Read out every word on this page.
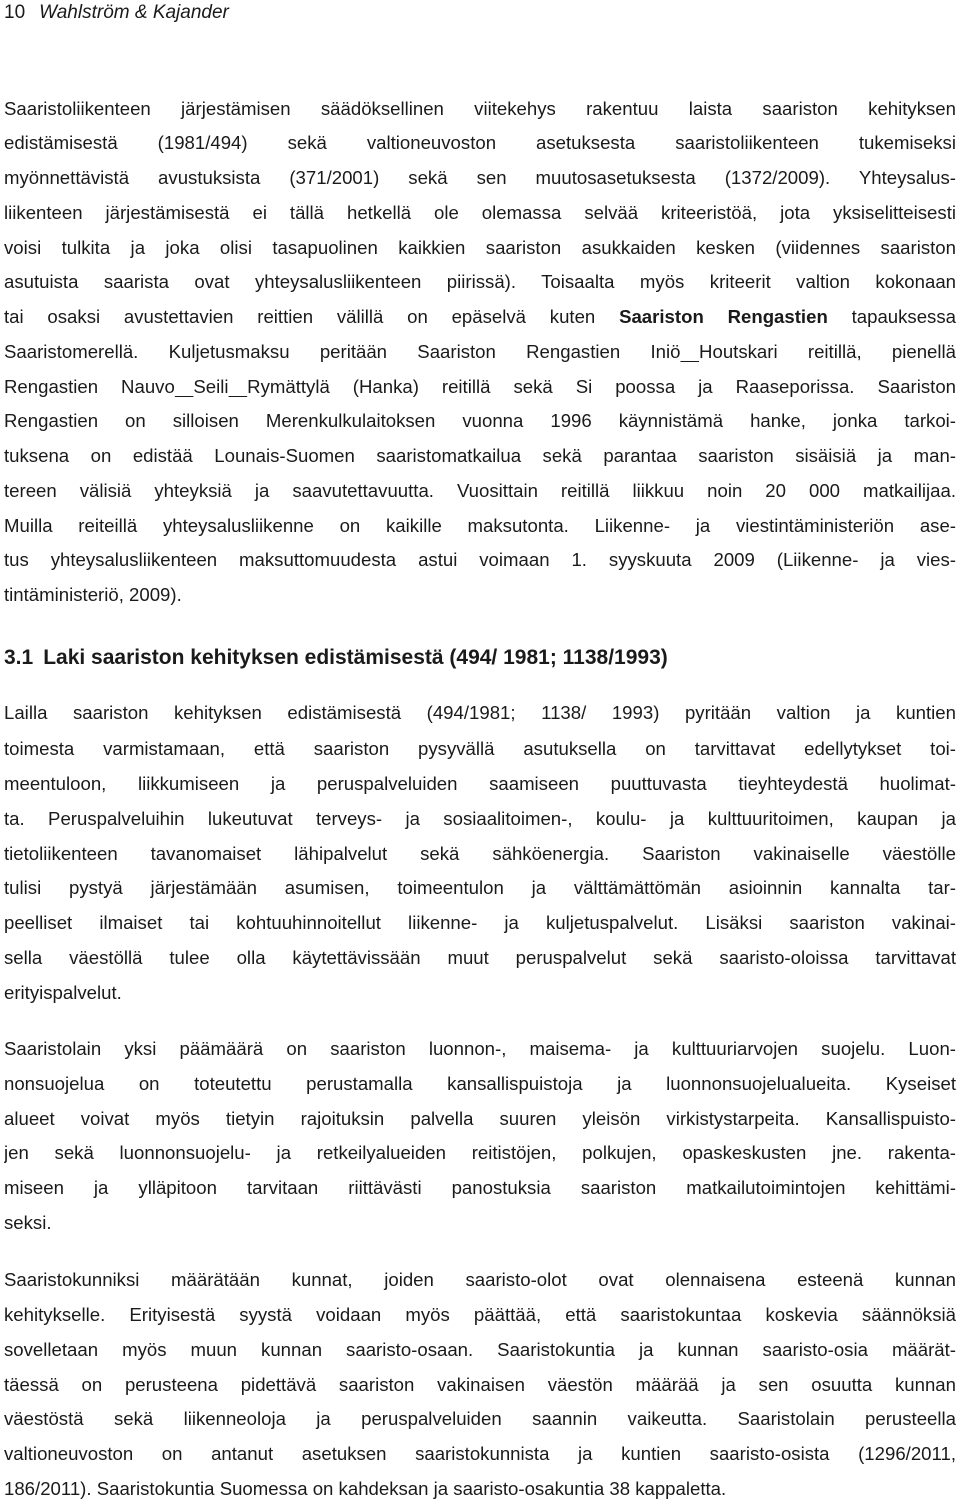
10 Wahlström & Kajander
Saaristoliikenteen järjestämisen säädöksellinen viitekehys rakentuu laista saariston kehityksen
edistämisestä (1981/494) sekä valtioneuvoston asetuksesta saaristoliikenteen tukemiseksi
myönnettävistä avustuksista (371/2001) sekä sen muutosasetuksesta (1372/2009). Yhteysalus-
liikenteen järjestämisestä ei tällä hetkellä ole olemassa selvää kriteeristöä, jota yksiselitteisesti
voisi tulkita ja joka olisi tasapuolinen kaikkien saariston asukkaiden kesken (viidennes saariston
asutuista saarista ovat yhteysalusliikenteen piirissä). Toisaalta myös kriteerit valtion kokonaan
tai osaksi avustettavien reittien välillä on epäselvä kuten Saariston Rengastien tapauksessa
Saaristomerellä. Kuljetusmaksu peritään Saariston Rengastien Iniö  Houtskari reitillä, pienellä
Rengastien Nauvo  Seili  Rymättylä (Hanka) reitillä sekä Si poossa ja Raaseporissa. Saariston
Rengastien on silloisen Merenkulkulaitoksen vuonna 1996 käynnistämä hanke, jonka tarkoi-
tuksena on edistää Lounais-Suomen saaristomatkailua sekä parantaa saariston sisäisiä ja man-
tereen välisiä yhteyksiä ja saavutettavuutta. Vuosittain reitillä liikkuu noin 20 000 matkailijaa.
Muilla reiteillä yhteysalusliikenne on kaikille maksutonta. Liikenne- ja viestintäministeriön ase-
tus yhteysalusliikenteen maksuttomuudesta astui voimaan 1. syyskuuta 2009 (Liikenne- ja vies-
tintäministeriö, 2009).
3.1 Laki saariston kehityksen edistämisestä (494/ 1981; 1138/1993)
Lailla saariston kehityksen edistämisestä (494/1981; 1138/ 1993) pyritään valtion ja kuntien
toimesta varmistamaan, että saariston pysyvällä asutuksella on tarvittavat edellytykset toi-
meentuloon, liikkumiseen ja peruspalveluiden saamiseen puuttuvasta tieyhteydestä huolimat-
ta. Peruspalveluihin lukeutuvat terveys- ja sosiaalitoimen-, koulu- ja kulttuuritoimen, kaupan ja
tietoliikenteen tavanomaiset lähipalvelut sekä sähköenergia. Saariston vakinaiselle väestölle
tulisi pystyä järjestämään asumisen, toimeentulon ja välttämättömän asioinnin kannalta tar-
peelliset ilmaiset tai kohtuuhinnoitellut liikenne- ja kuljetuspalvelut. Lisäksi saariston vakinai-
sella väestöllä tulee olla käytettävissään muut peruspalvelut sekä saaristo-oloissa tarvittavat
erityispalvelut.
Saaristolain yksi päämäärä on saariston luonnon-, maisema- ja kulttuuriarvojen suojelu. Luon-
nonsuojelua on toteutettu perustamalla kansallispuistoja ja luonnonsuojelualueita. Kyseiset
alueet voivat myös tietyin rajoituksin palvella suuren yleisön virkistystarpeita. Kansallispuisto-
jen sekä luonnonsuojelu- ja retkeilyalueiden reitistöjen, polkujen, opaskeskusten jne. rakenta-
miseen ja ylläpitoon tarvitaan riittävästi panostuksia saariston matkailutoimintojen kehittämi-
seksi.
Saaristokunniksi määrätään kunnat, joiden saaristo-olot ovat olennaisena esteenä kunnan
kehitykselle. Erityisestä syystä voidaan myös päättää, että saaristokuntaa koskevia säännöksiä
sovelletaan myös muun kunnan saaristo-osaan. Saaristokuntia ja kunnan saaristo-osia määrät-
täessä on perusteena pidettävä saariston vakinaisen väestön määrää ja sen osuutta kunnan
väestöstä sekä liikenneoloja ja peruspalveluiden saannin vaikeutta. Saaristolain perusteella
valtioneuvoston on antanut asetuksen saaristokunnista ja kuntien saaristo-osista (1296/2011,
186/2011). Saaristokuntia Suomessa on kahdeksan ja saaristo-osakuntia 38 kappaletta.
